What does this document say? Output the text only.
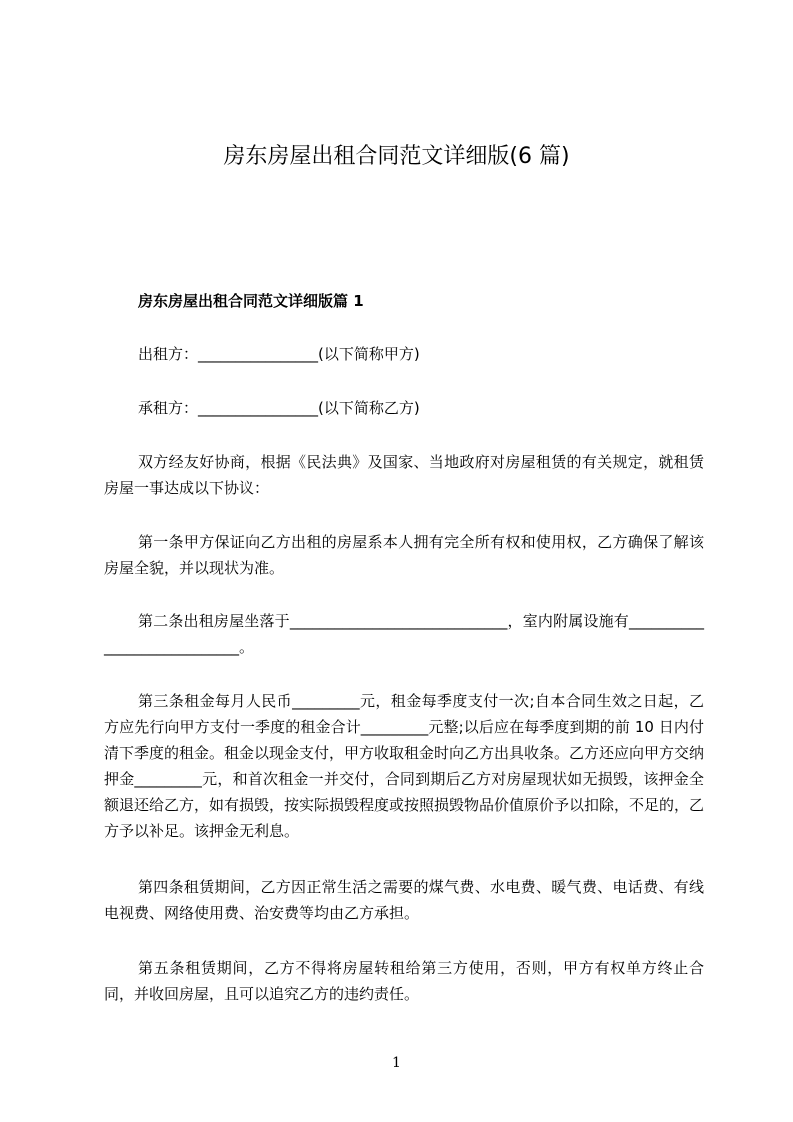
房东房屋出租合同范文详细版(6 篇)
房东房屋出租合同范文详细版篇 1
出租方：________________(以下简称甲方)
承租方：________________(以下简称乙方)
双方经友好协商，根据《民法典》及国家、当地政府对房屋租赁的有关规定，就租赁房屋一事达成以下协议：
第一条甲方保证向乙方出租的房屋系本人拥有完全所有权和使用权，乙方确保了解该房屋全貌，并以现状为准。
第二条出租房屋坐落于_____________________________，室内附属设施有____________________________。
第三条租金每月人民币_________元，租金每季度支付一次;自本合同生效之日起，乙方应先行向甲方支付一季度的租金合计_________元整;以后应在每季度到期的前 10 日内付清下季度的租金。租金以现金支付，甲方收取租金时向乙方出具收条。乙方还应向甲方交纳押金_________元，和首次租金一并交付，合同到期后乙方对房屋现状如无损毁，该押金全额退还给乙方，如有损毁，按实际损毁程度或按照损毁物品价值原价予以扣除，不足的，乙方予以补足。该押金无利息。
第四条租赁期间，乙方因正常生活之需要的煤气费、水电费、暖气费、电话费、有线电视费、网络使用费、治安费等均由乙方承担。
第五条租赁期间，乙方不得将房屋转租给第三方使用，否则，甲方有权单方终止合同，并收回房屋，且可以追究乙方的违约责任。
1
